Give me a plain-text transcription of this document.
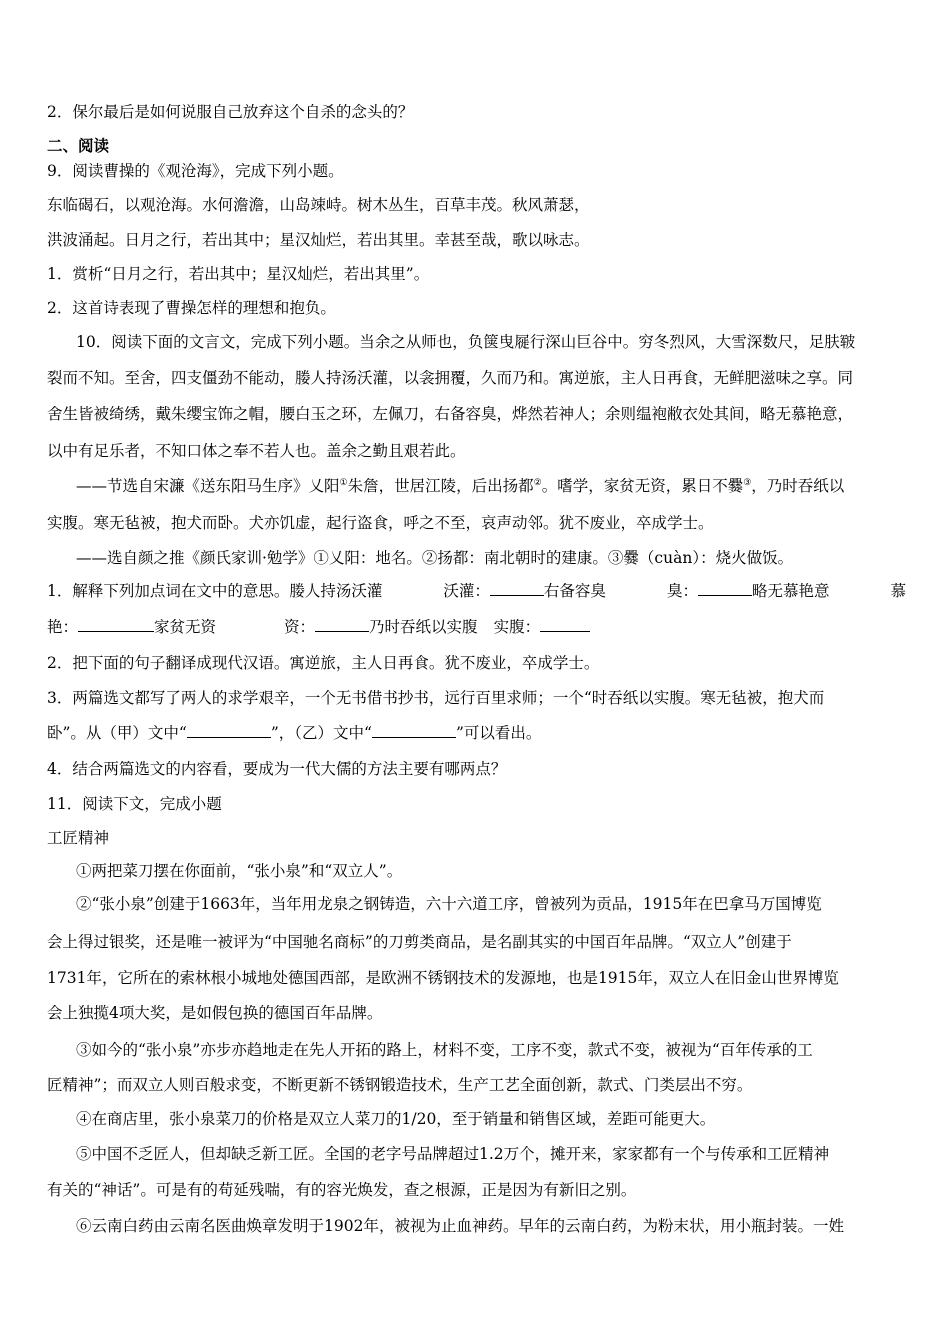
2．保尔最后是如何说服自己放弃这个自杀的念头的？
二、阅读
9．阅读曹操的《观沧海》，完成下列小题。
东临碣石，以观沧海。水何澹澹，山岛竦峙。树木丛生，百草丰茂。秋风萧瑟，
洪波涌起。日月之行，若出其中；星汉灿烂，若出其里。幸甚至哉，歌以咏志。
1．赏析“日月之行，若出其中；星汉灿烂，若出其里”。
2．这首诗表现了曹操怎样的理想和抱负。
10．阅读下面的文言文，完成下列小题。当余之从师也，负箧曳屣行深山巨谷中。穷冬烈风，大雪深数尺，足肤皲
裂而不知。至舍，四支僵劲不能动，媵人持汤沃灌，以衾拥覆，久而乃和。寓逆旅，主人日再食，无鲜肥滋味之享。同
舍生皆被绮绣，戴朱缨宝饰之帽，腰白玉之环，左佩刀，右备容臭，烨然若神人；余则缊袍敝衣处其间，略无慕艳意，
以中有足乐者，不知口体之奉不若人也。盖余之勤且艰若此。
——节选自宋濂《送东阳马生序》乂阳①朱詹，世居江陵，后出扬都②。嗜学，家贫无资，累日不爨③，乃时吞纸以
实腹。寒无毡被，抱犬而卧。犬亦饥虚，起行盗食，呼之不至，哀声动邻。犹不废业，卒成学士。
——选自颜之推《颜氏家训·勉学》①乂阳：地名。②扬都：南北朝时的建康。③爨（cuàn）：烧火做饭。
1．解释下列加点词在文中的意思。媵人持汤沃灌	沃灌：	右备容臭	臭：	略无慕艳意	慕
艳：	家贫无资	资：	乃时吞纸以实腹 实腹：
2．把下面的句子翻译成现代汉语。寓逆旅，主人日再食。犹不废业，卒成学士。
3．两篇选文都写了两人的求学艰辛，一个无书借书抄书，远行百里求师；一个“时吞纸以实腹。寒无毡被，抱犬而
卧”。从（甲）文中“	”，（乙）文中“	”可以看出。
4．结合两篇选文的内容看，要成为一代大儒的方法主要有哪两点？
11．阅读下文，完成小题
工匠精神
①两把菜刀摆在你面前，“张小泉”和“双立人”。
②“张小泉”创建于1663年，当年用龙泉之钢铸造，六十六道工序，曾被列为贡品，1915年在巴拿马万国博览
会上得过银奖，还是唯一被评为“中国驰名商标”的刀剪类商品，是名副其实的中国百年品牌。“双立人”创建于
1731年，它所在的索林根小城地处德国西部，是欧洲不锈钢技术的发源地，也是1915年，双立人在旧金山世界博览
会上独揽4项大奖，是如假包换的德国百年品牌。
③如今的“张小泉”亦步亦趋地走在先人开拓的路上，材料不变，工序不变，款式不变，被视为“百年传承的工
匠精神”；而双立人则百般求变，不断更新不锈钢锻造技术，生产工艺全面创新，款式、门类层出不穷。
④在商店里，张小泉菜刀的价格是双立人菜刀的1/20，至于销量和销售区域，差距可能更大。
⑤中国不乏匠人，但却缺乏新工匠。全国的老字号品牌超过1.2万个，摊开来，家家都有一个与传承和工匠精神
有关的“神话”。可是有的苟延残喘，有的容光焕发，查之根源，正是因为有新旧之别。
⑥云南白药由云南名医曲焕章发明于1902年，被视为止血神药。早年的云南白药，为粉末状，用小瓶封装。一姓
